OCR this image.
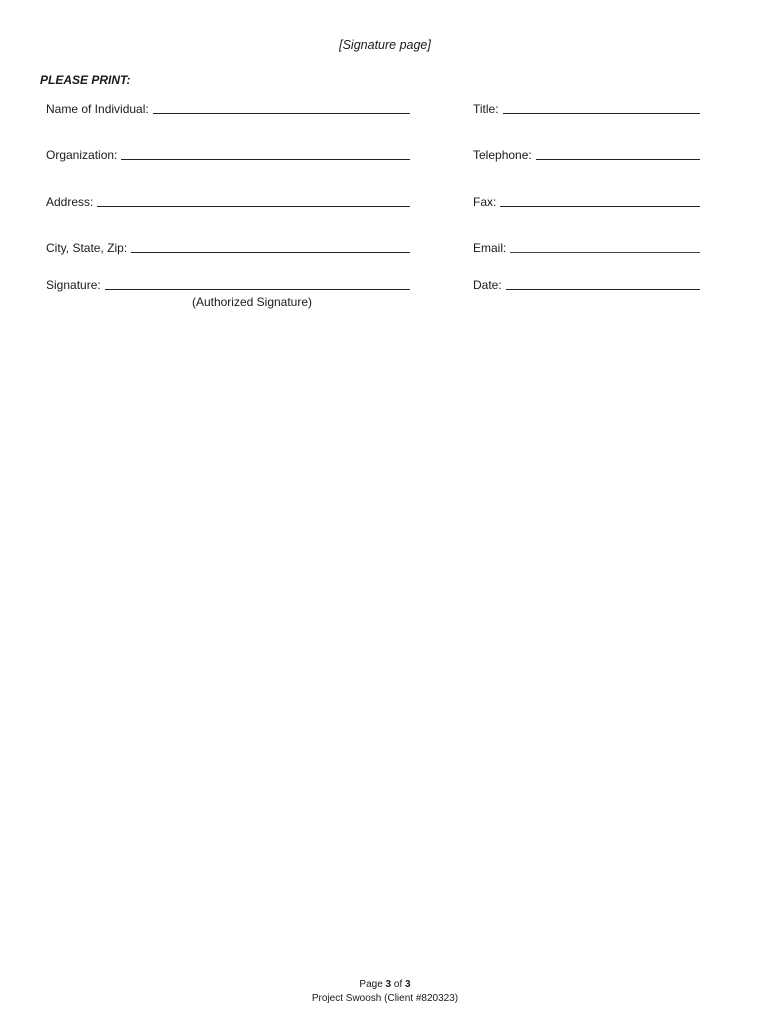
[Signature page]
PLEASE PRINT:
Name of Individual:
Organization:
Address:
City, State, Zip:
Signature:
(Authorized Signature)
Title:
Telephone:
Fax:
Email:
Date:
Page 3 of 3
Project Swoosh (Client #820323)
